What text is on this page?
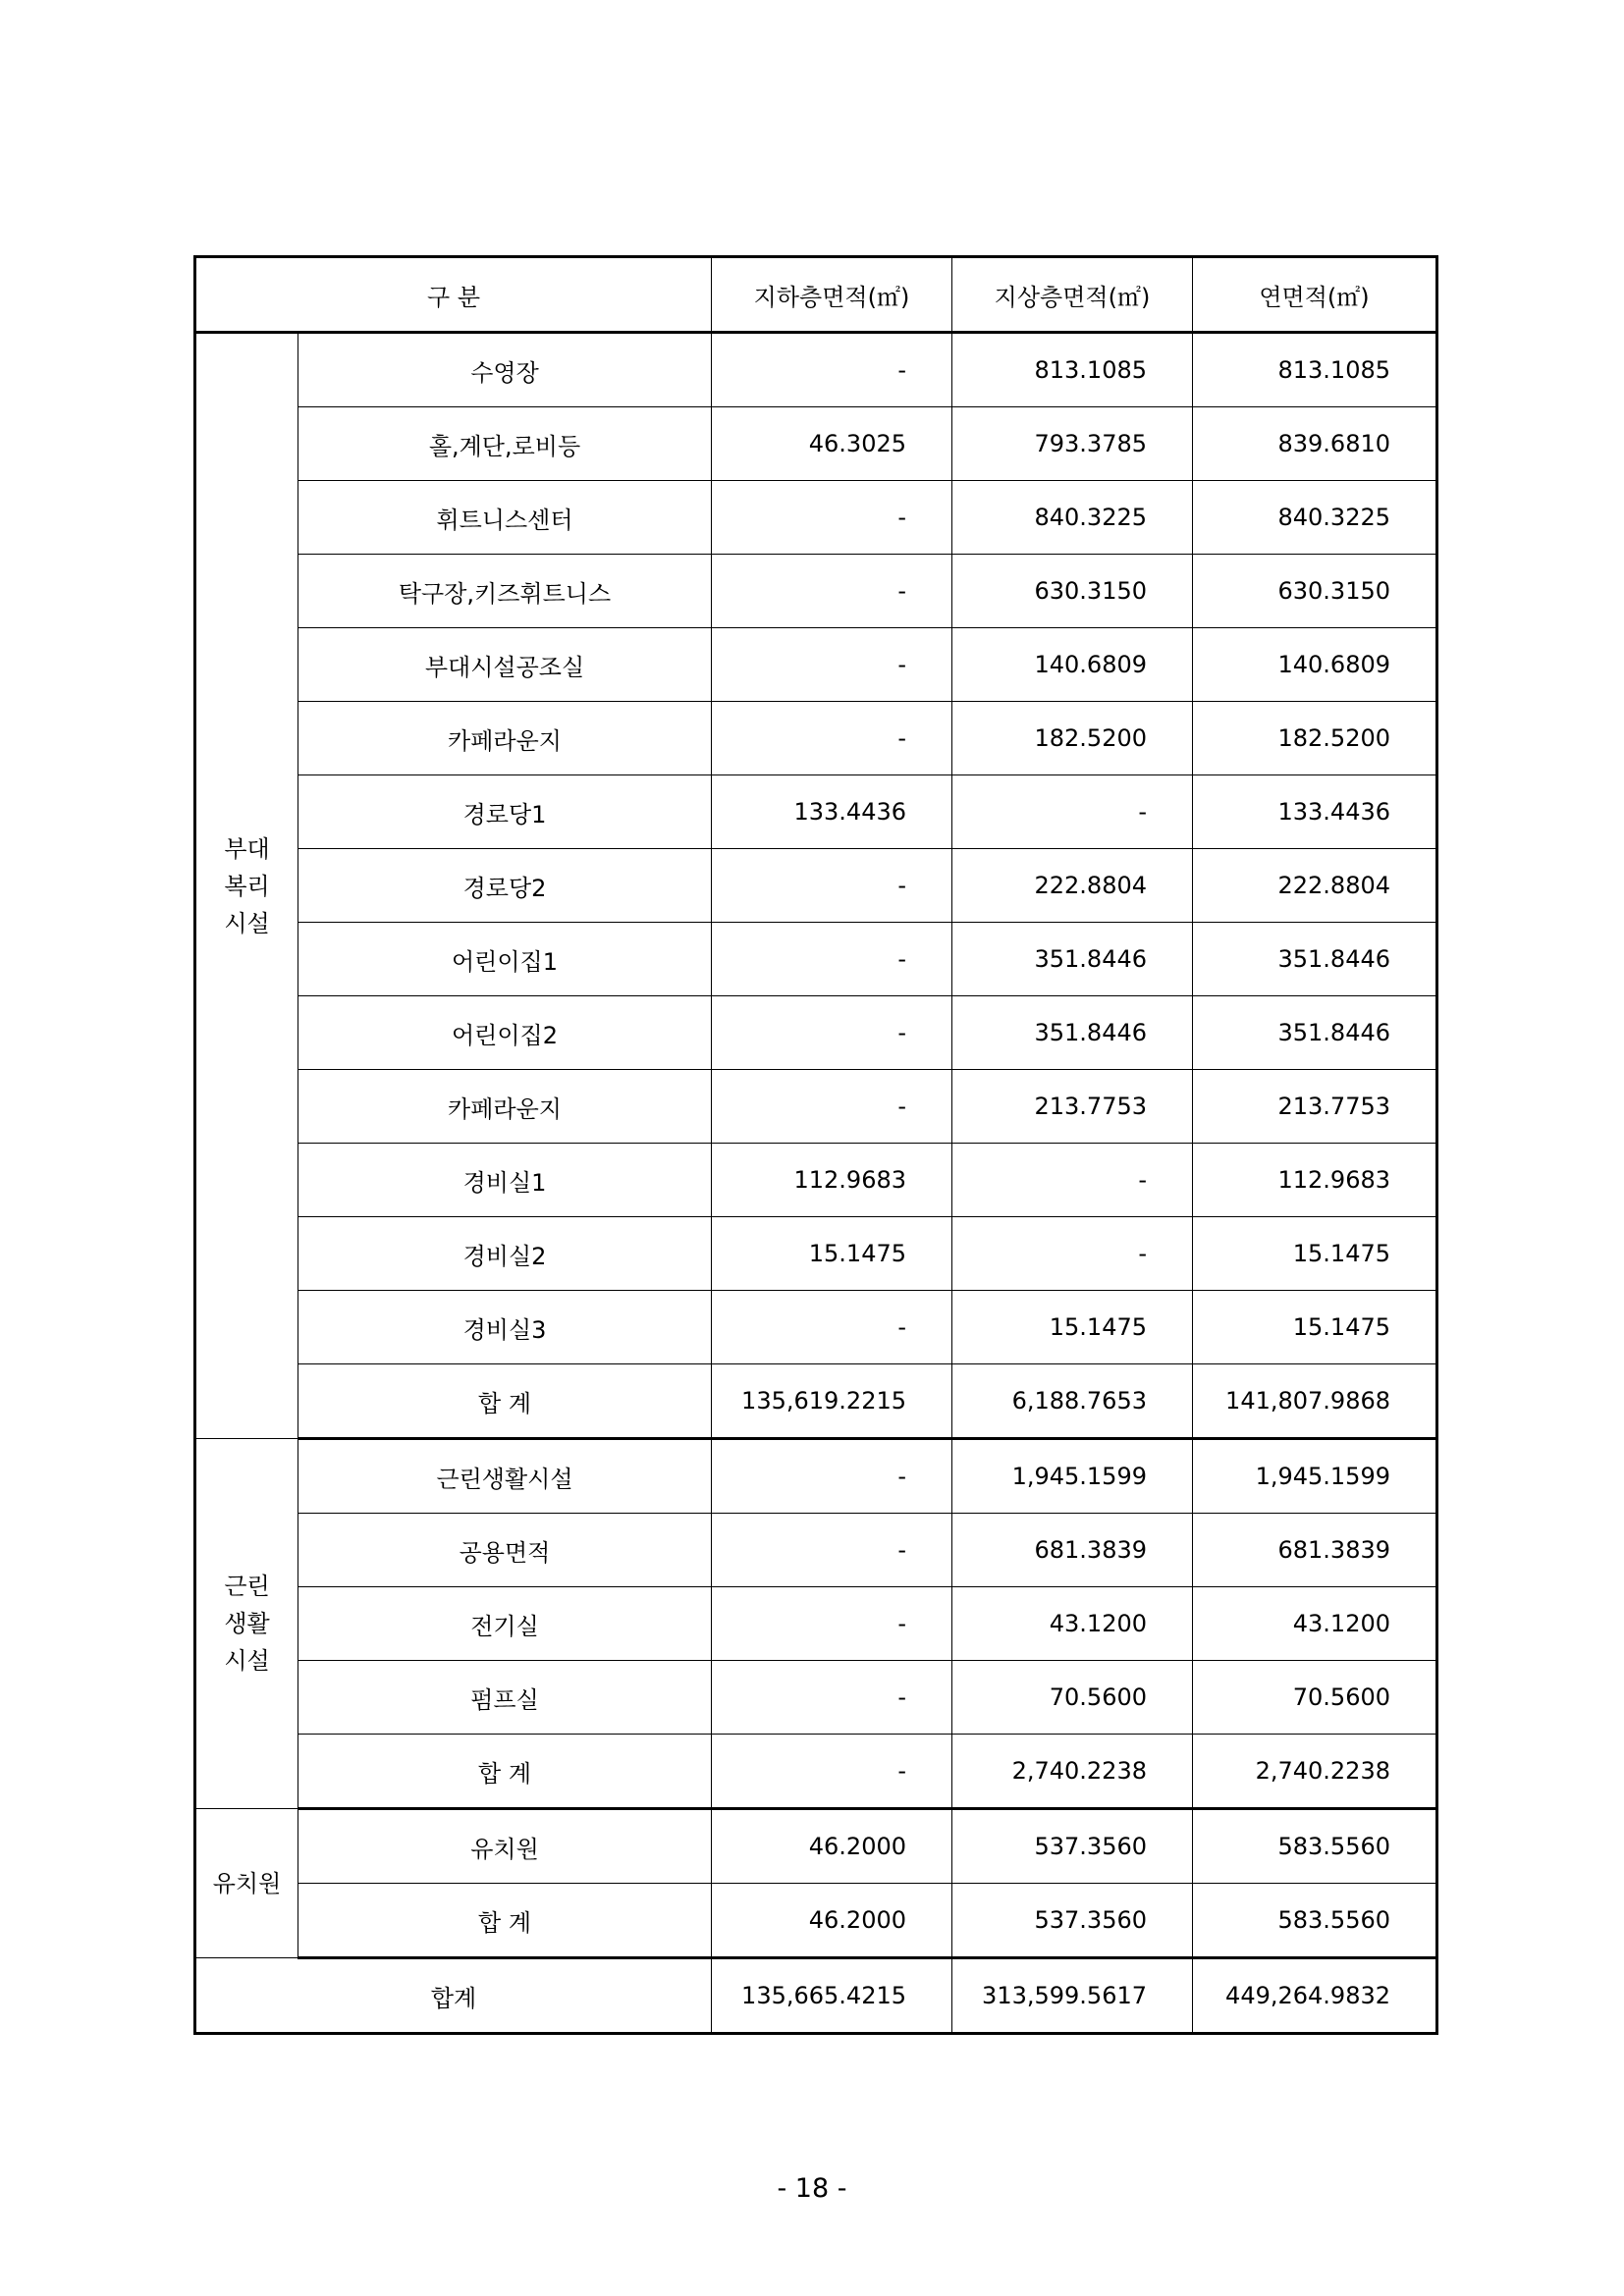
구 분		지하층면적(㎡)	지상층면적(㎡)	연면적(㎡)

부대
복리
시설	수영장	-	813.1085	813.1085
	홀,계단,로비등	46.3025	793.3785	839.6810
	휘트니스센터	-	840.3225	840.3225
	탁구장,키즈휘트니스	-	630.3150	630.3150
	부대시설공조실	-	140.6809	140.6809
	카페라운지	-	182.5200	182.5200
	경로당1	133.4436	-	133.4436
	경로당2	-	222.8804	222.8804
	어린이집1	-	351.8446	351.8446
	어린이집2	-	351.8446	351.8446
	카페라운지	-	213.7753	213.7753
	경비실1	112.9683	-	112.9683
	경비실2	15.1475	-	15.1475
	경비실3	-	15.1475	15.1475
	합 계	135,619.2215	6,188.7653	141,807.9868

근린
생활
시설	근린생활시설	-	1,945.1599	1,945.1599
	공용면적	-	681.3839	681.3839
	전기실	-	43.1200	43.1200
	펌프실	-	70.5600	70.5600
	합 계	-	2,740.2238	2,740.2238

유치원	유치원	46.2000	537.3560	583.5560
	합 계	46.2000	537.3560	583.5560
합계		135,665.4215	313,599.5617	449,264.9832
- 18 -
